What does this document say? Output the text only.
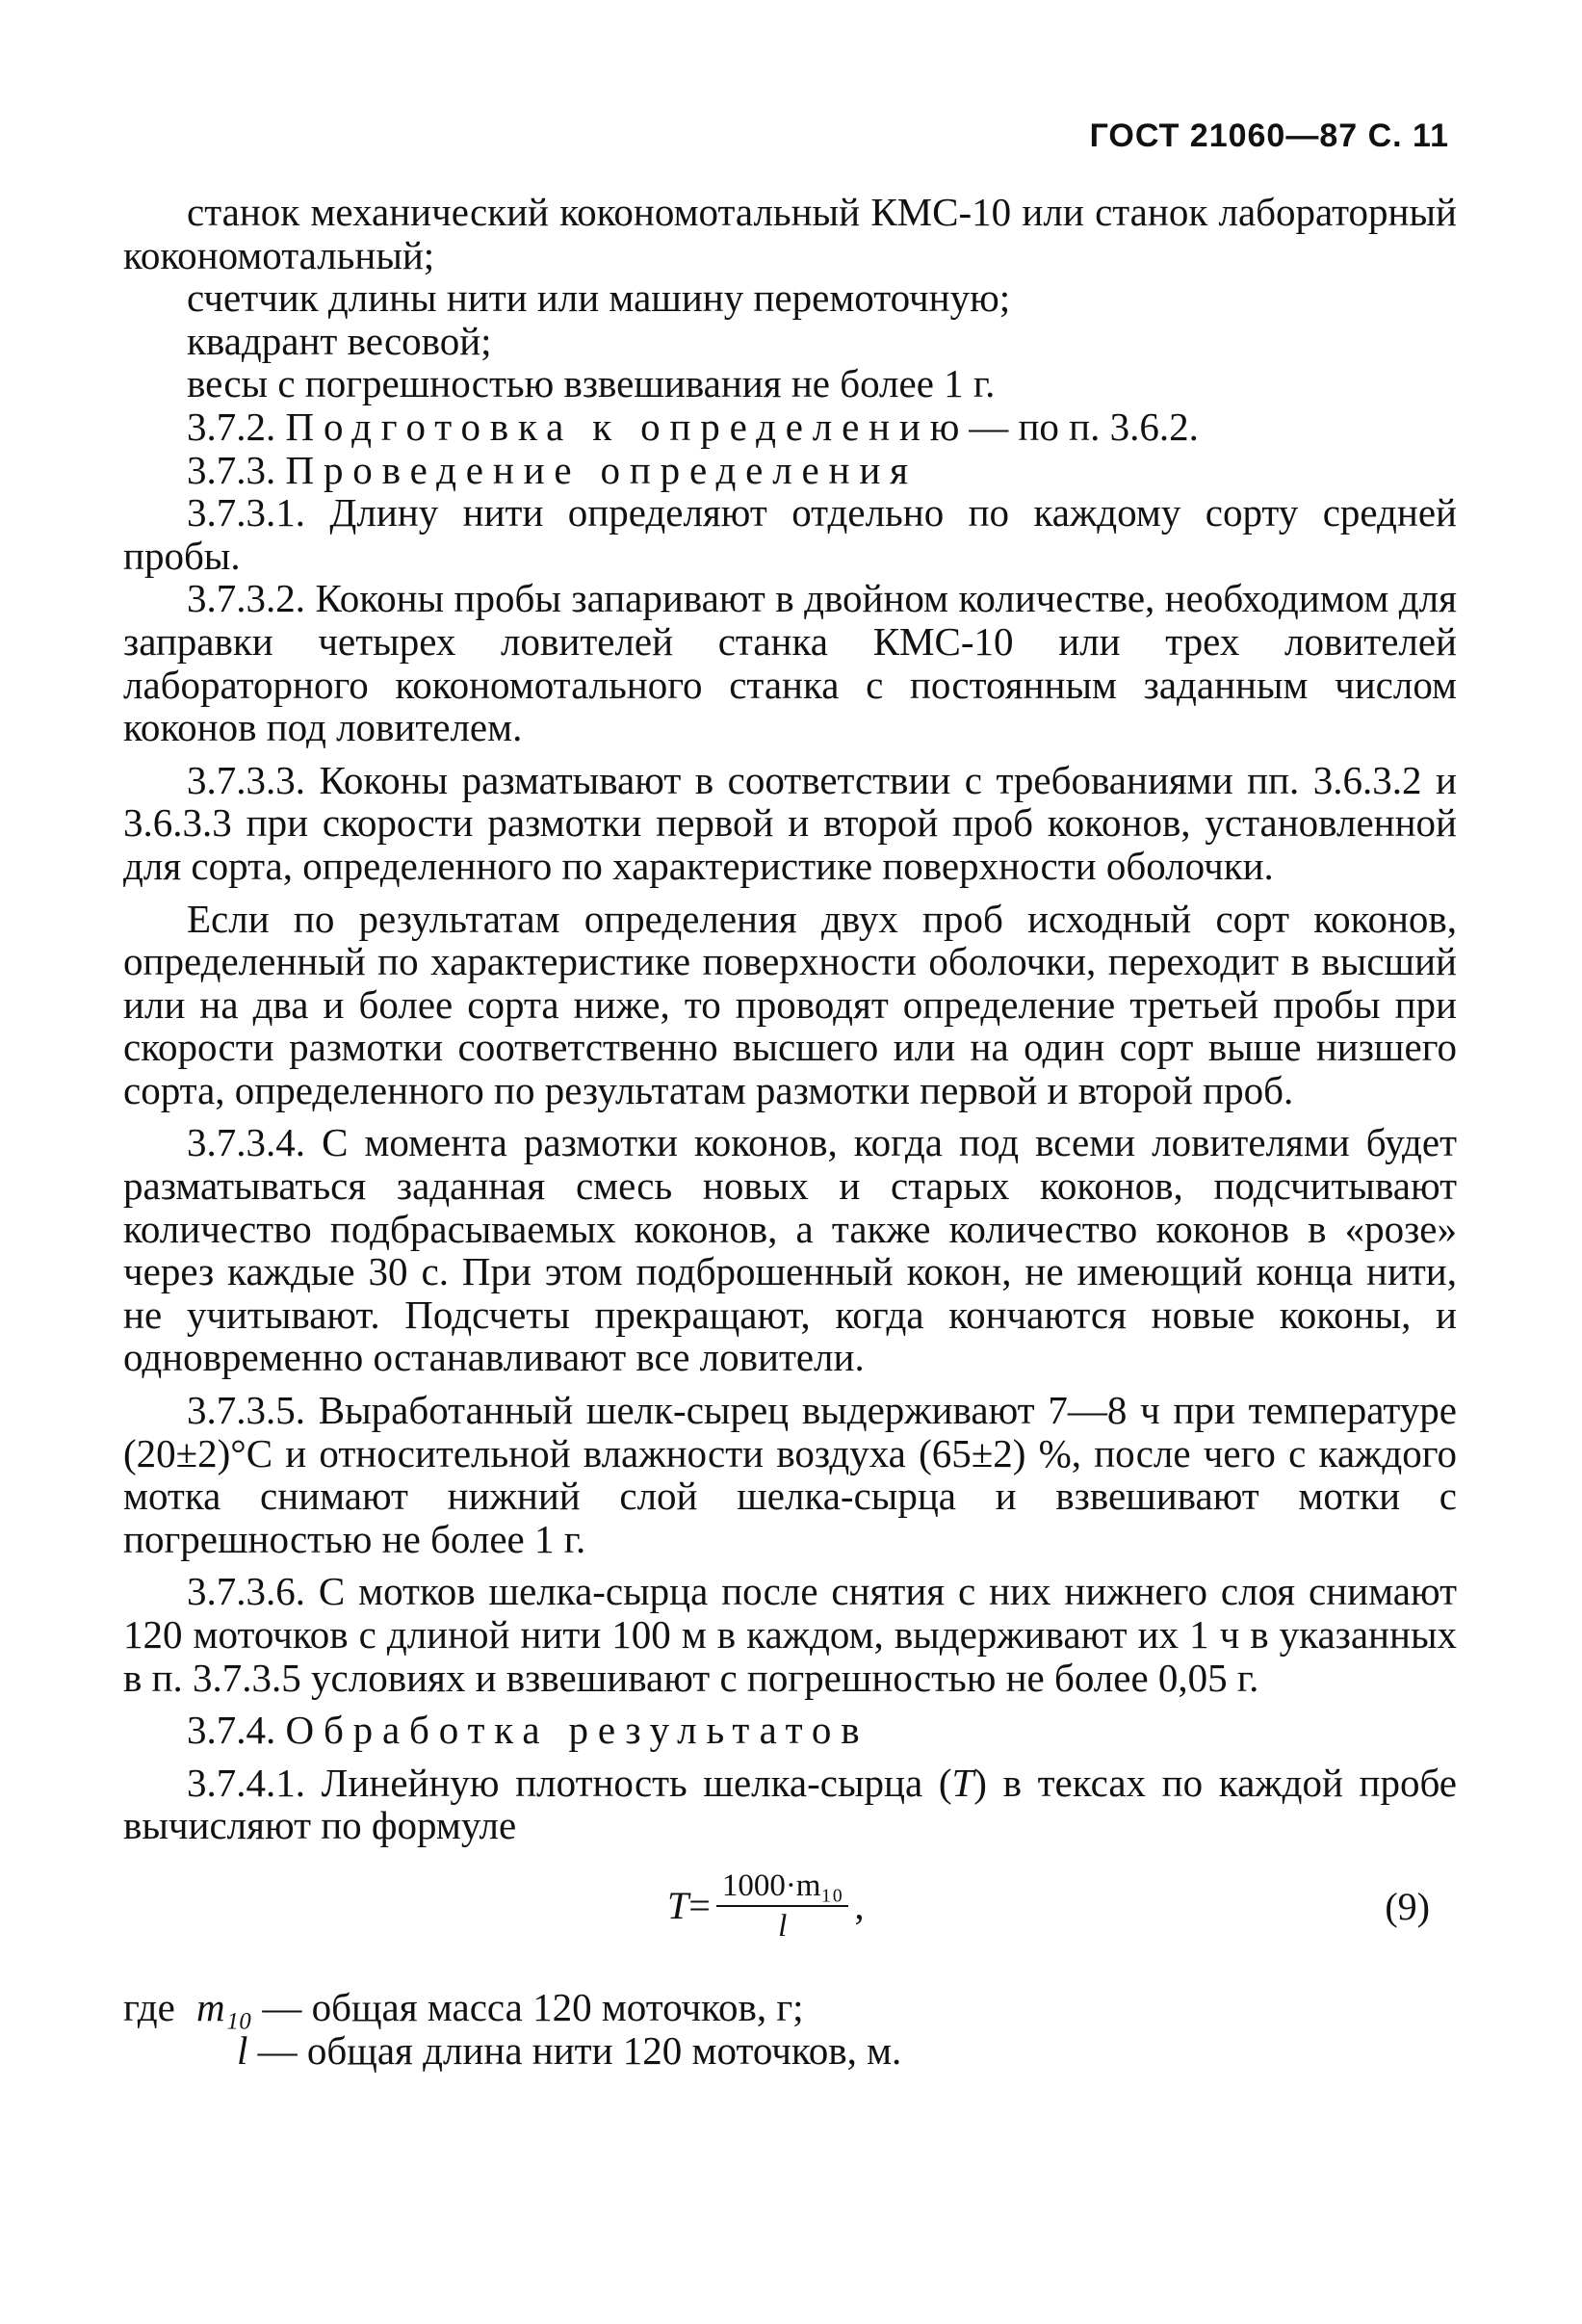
ГОСТ 21060—87 С. 11

станок механический кокономотальный КМС-10 или станок лабораторный кокономотальный;

счетчик длины нити или машину перемоточную;

квадрант весовой;

весы с погрешностью взвешивания не более 1 г.

3.7.2. Подготовка к определению— по п. 3.6.2.

3.7.3. Проведение определения

3.7.3.1. Длину нити определяют отдельно по каждому сорту средней пробы.

3.7.3.2. Коконы пробы запаривают в двойном количестве, необходимом для заправки четырех ловителей станка КМС-10 или трех ловителей лабораторного кокономотального станка с постоянным заданным числом коконов под ловителем.

3.7.3.3. Коконы разматывают в соответствии с требованиями пп. 3.6.3.2 и 3.6.3.3 при скорости размотки первой и второй проб коконов, установленной для сорта, определенного по характеристике поверхности оболочки.

Если по результатам определения двух проб исходный сорт коконов, определенный по характеристике поверхности оболочки, переходит в высший или на два и более сорта ниже, то проводят определение третьей пробы при скорости размотки соответственно высшего или на один сорт выше низшего сорта, определенного по результатам размотки первой и второй проб.

3.7.3.4. С момента размотки коконов, когда под всеми ловителями будет разматываться заданная смесь новых и старых коконов, подсчитывают количество подбрасываемых коконов, а также количество коконов в «розе» через каждые 30 с. При этом подброшенный кокон, не имеющий конца нити, не учитывают. Подсчеты прекращают, когда кончаются новые коконы, и одновременно останавливают все ловители.

3.7.3.5. Выработанный шелк-сырец выдерживают 7—8 ч при температуре (20±2)°С и относительной влажности воздуха (65±2) %, после чего с каждого мотка снимают нижний слой шелка-сырца и взвешивают мотки с погрешностью не более 1 г.

3.7.3.6. С мотков шелка-сырца после снятия с них нижнего слоя снимают 120 моточков с длиной нити 100 м в каждом, выдерживают их 1 ч в указанных в п. 3.7.3.5 условиях и взвешивают с погрешностью не более 0,05 г.

3.7.4. Обработка результатов

3.7.4.1. Линейную плотность шелка-сырца (T) в тексах по каждой пробе вычисляют по формуле

$T = \frac{\text{1000·m₁₀}}{l}$ ,	(9)
где m₁₀ — общая масса 120 моточков, г;
l — общая длина нити 120 моточков, м.
